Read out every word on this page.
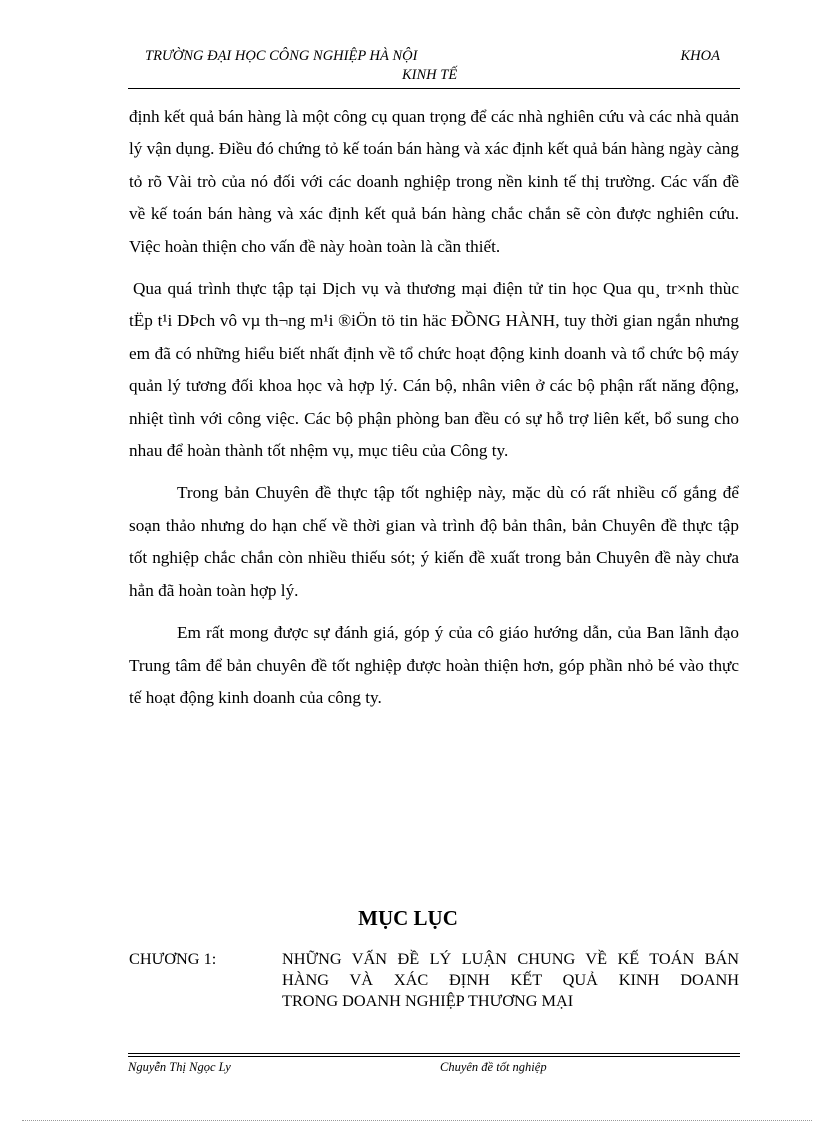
TRƯỜNG ĐẠI HỌC CÔNG NGHIỆP HÀ NỘI	KHOA
KINH TẾ

định kết quả bán hàng là một công cụ quan trọng để các nhà nghiên cứu và các nhà quản lý vận dụng. Điều đó chứng tỏ kế toán bán hàng và xác định kết quả bán hàng ngày càng tỏ rõ Vài trò của nó đối với các doanh nghiệp trong nền kinh tế thị trường. Các vấn đề về kế toán bán hàng và xác định kết quả bán hàng chắc chắn sẽ còn được nghiên cứu. Việc hoàn thiện cho vấn đề này hoàn toàn là cần thiết.

Qua quá trình thực tập tại Dịch vụ và thương mại điện tử tin học Qua qu¸ tr×nh thùc tËp t¹i DÞch vô vµ th¬ng m¹i ®iÖn tö tin häc ĐỒNG HÀNH, tuy thời gian ngắn nhưng em đã có những hiểu biết nhất định về tổ chức hoạt động kinh doanh và tổ chức bộ máy quản lý tương đối khoa học và hợp lý. Cán bộ, nhân viên ở các bộ phận rất năng động, nhiệt tình với công việc. Các bộ phận phòng ban đều có sự hỗ trợ liên kết, bổ sung cho nhau để hoàn thành tốt nhệm vụ, mục tiêu của Công ty.

Trong bản Chuyên đề thực tập tốt nghiệp này, mặc dù có rất nhiều cố gắng để soạn thảo nhưng do hạn chế về thời gian và trình độ bản thân, bản Chuyên đề thực tập tốt nghiệp chắc chắn còn nhiều thiếu sót; ý kiến đề xuất trong bản Chuyên đề này chưa hẳn đã hoàn toàn hợp lý.

Em rất mong được sự đánh giá, góp ý của cô giáo hướng dẫn, của Ban lãnh đạo Trung tâm để bản chuyên đề tốt nghiệp được hoàn thiện hơn, góp phần nhỏ bé vào thực tế hoạt động kinh doanh của công ty.

MỤC LỤC
CHƯƠNG 1:	NHỮNG VẤN ĐỀ LÝ LUẬN CHUNG VỀ KẾ TOÁN BÁN
HÀNG VÀ XÁC ĐỊNH KẾT QUẢ KINH DOANH
TRONG DOANH NGHIỆP THƯƠNG MẠI
Nguyễn Thị Ngọc Ly	Chuyên đề tốt nghiệp
